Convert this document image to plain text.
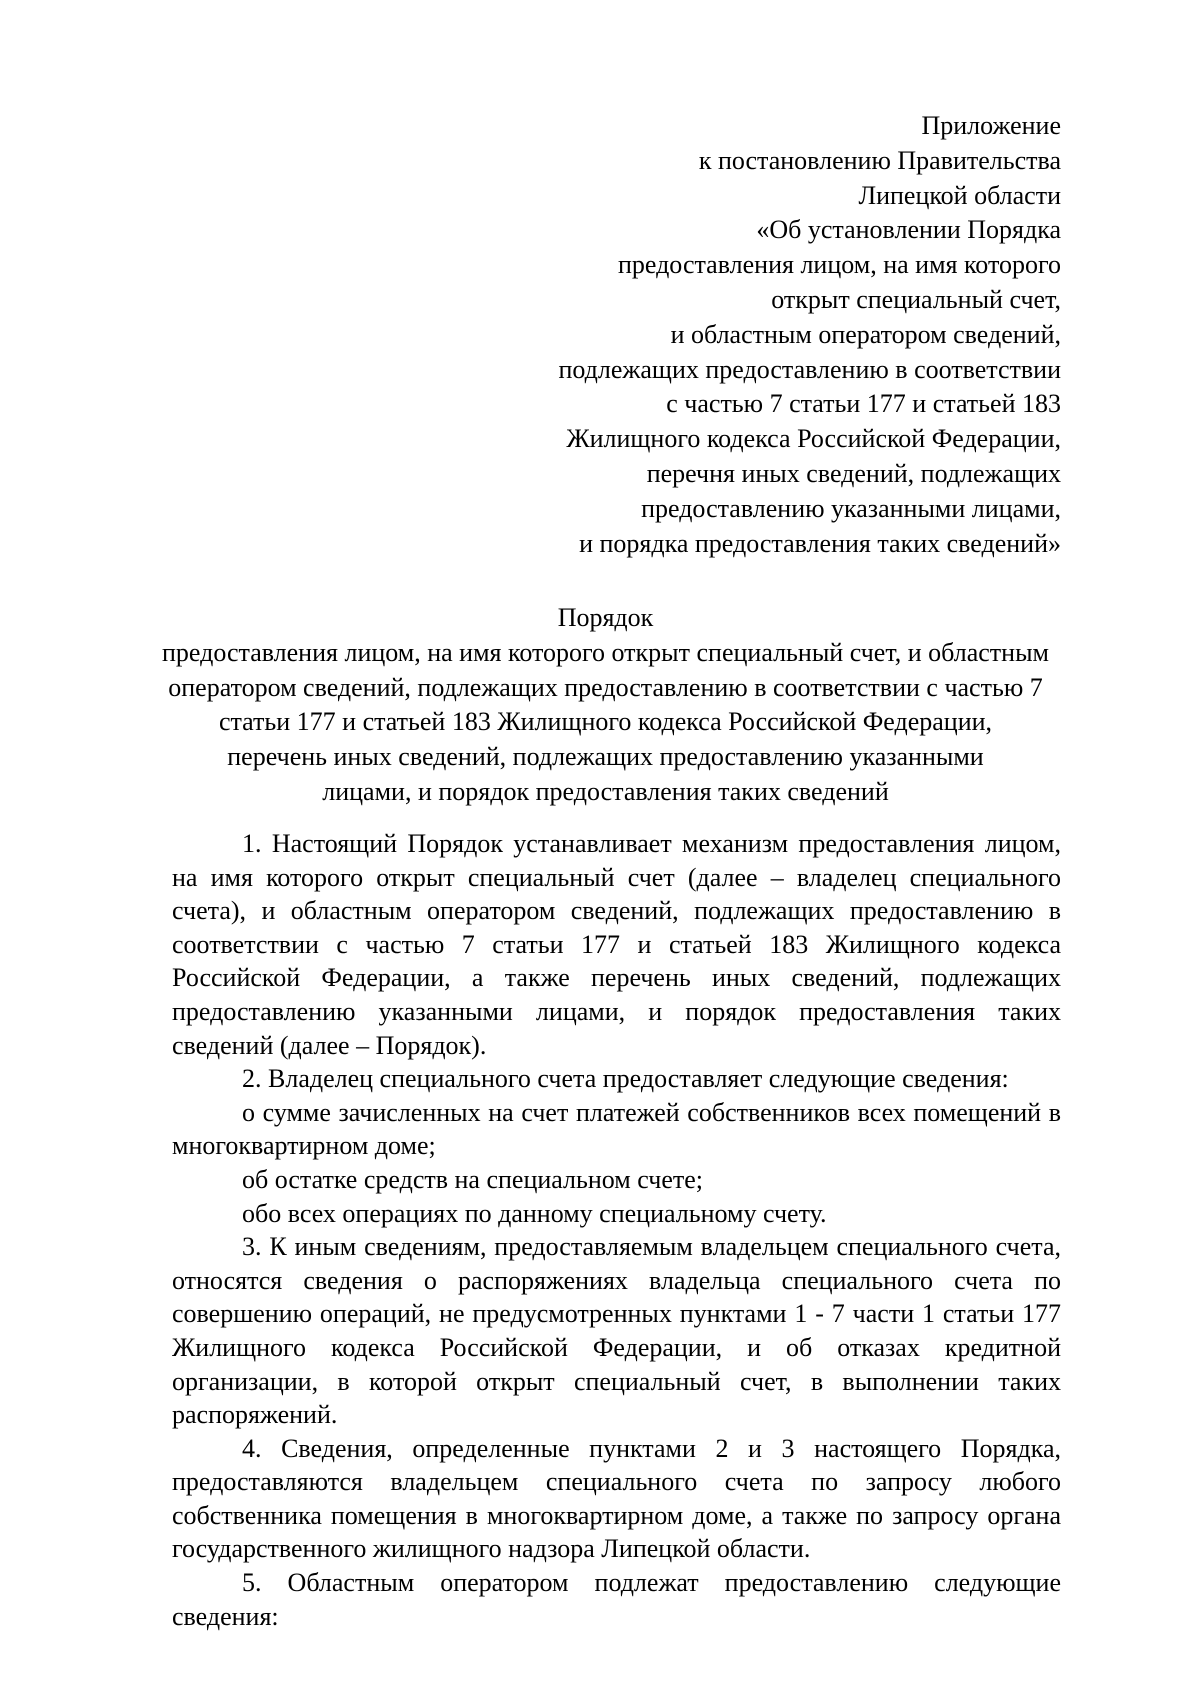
Приложение
к постановлению Правительства
Липецкой области
«Об установлении Порядка
предоставления лицом, на имя которого
открыт специальный счет,
и областным оператором сведений,
подлежащих предоставлению в соответствии
с частью 7 статьи 177 и статьей 183
Жилищного кодекса Российской Федерации,
перечня иных сведений, подлежащих
предоставлению указанными лицами,
и порядка предоставления таких сведений»
Порядок
предоставления лицом, на имя которого открыт специальный счет, и областным
оператором сведений, подлежащих предоставлению в соответствии с частью 7
статьи 177 и статьей 183 Жилищного кодекса Российской Федерации,
перечень иных сведений, подлежащих предоставлению указанными
лицами, и порядок предоставления таких сведений

1. Настоящий Порядок устанавливает механизм предоставления лицом, на имя которого открыт специальный счет (далее – владелец специального счета), и областным оператором сведений, подлежащих предоставлению в соответствии с частью 7 статьи 177 и статьей 183 Жилищного кодекса Российской Федерации, а также перечень иных сведений, подлежащих предоставлению указанными лицами, и порядок предоставления таких сведений (далее – Порядок).

2. Владелец специального счета предоставляет следующие сведения:

о сумме зачисленных на счет платежей собственников всех помещений в многоквартирном доме;

об остатке средств на специальном счете;

обо всех операциях по данному специальному счету.

3. К иным сведениям, предоставляемым владельцем специального счета, относятся сведения о распоряжениях владельца специального счета по совершению операций, не предусмотренных пунктами 1 - 7 части 1 статьи 177 Жилищного кодекса Российской Федерации, и об отказах кредитной организации, в которой открыт специальный счет, в выполнении таких распоряжений.

4. Сведения, определенные пунктами 2 и 3 настоящего Порядка, предоставляются владельцем специального счета по запросу любого собственника помещения в многоквартирном доме, а также по запросу органа государственного жилищного надзора Липецкой области.

5. Областным оператором подлежат предоставлению следующие сведения:
